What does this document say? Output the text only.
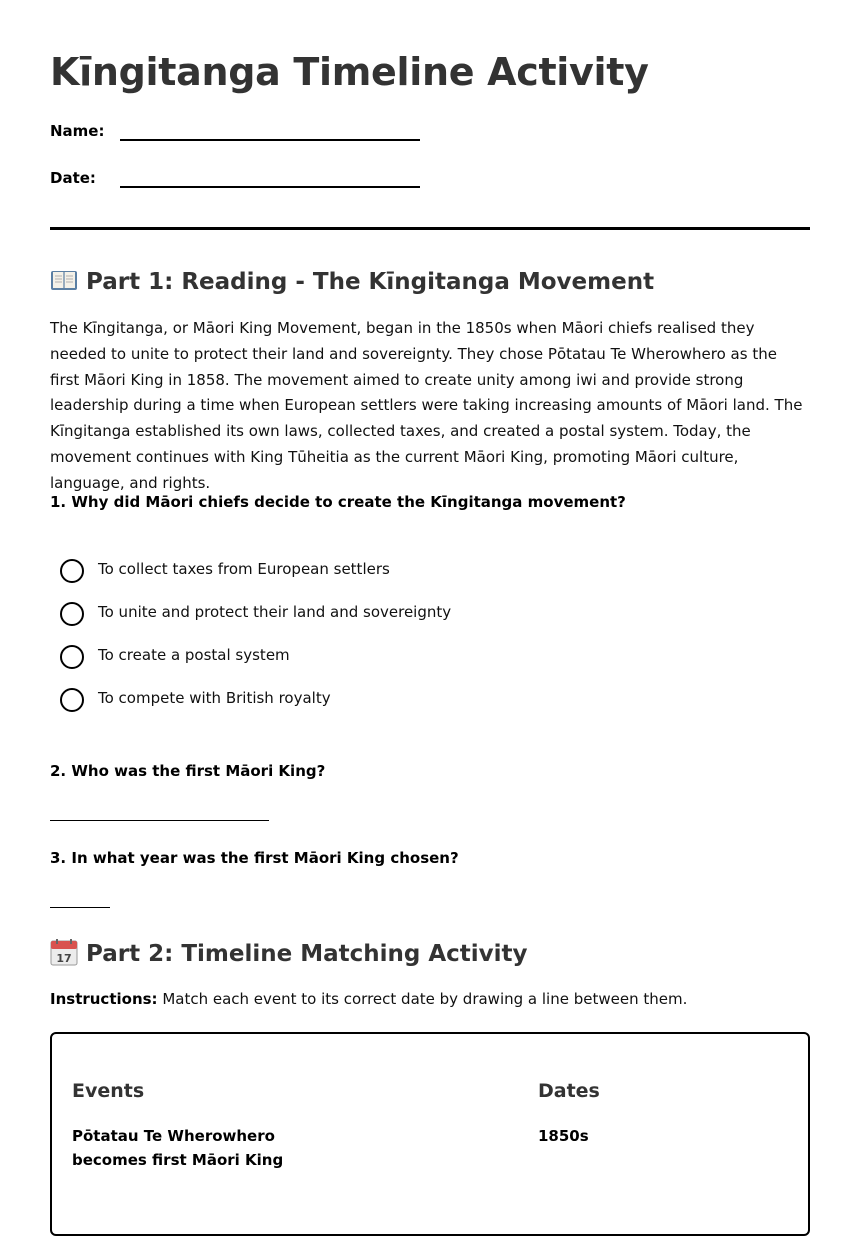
Kīngitanga Timeline Activity
Name:
Date:
Part 1: Reading - The Kīngitanga Movement

The Kīngitanga, or Māori King Movement, began in the 1850s when Māori chiefs realised they needed to unite to protect their land and sovereignty. They chose Pōtatau Te Wherowhero as the first Māori King in 1858. The movement aimed to create unity among iwi and provide strong leadership during a time when European settlers were taking increasing amounts of Māori land. The Kīngitanga established its own laws, collected taxes, and created a postal system. Today, the movement continues with King Tūheitia as the current Māori King, promoting Māori culture, language, and rights.

1. Why did Māori chiefs decide to create the Kīngitanga movement?

To collect taxes from European settlers
To unite and protect their land and sovereignty
To create a postal system
To compete with British royalty

2. Who was the first Māori King?

3. In what year was the first Māori King chosen?

17 Part 2: Timeline Matching Activity
Instructions: Match each event to its correct date by drawing a line between them.
Events	Dates
Pōtatau Te Wherowhero becomes first Māori King
1850s
